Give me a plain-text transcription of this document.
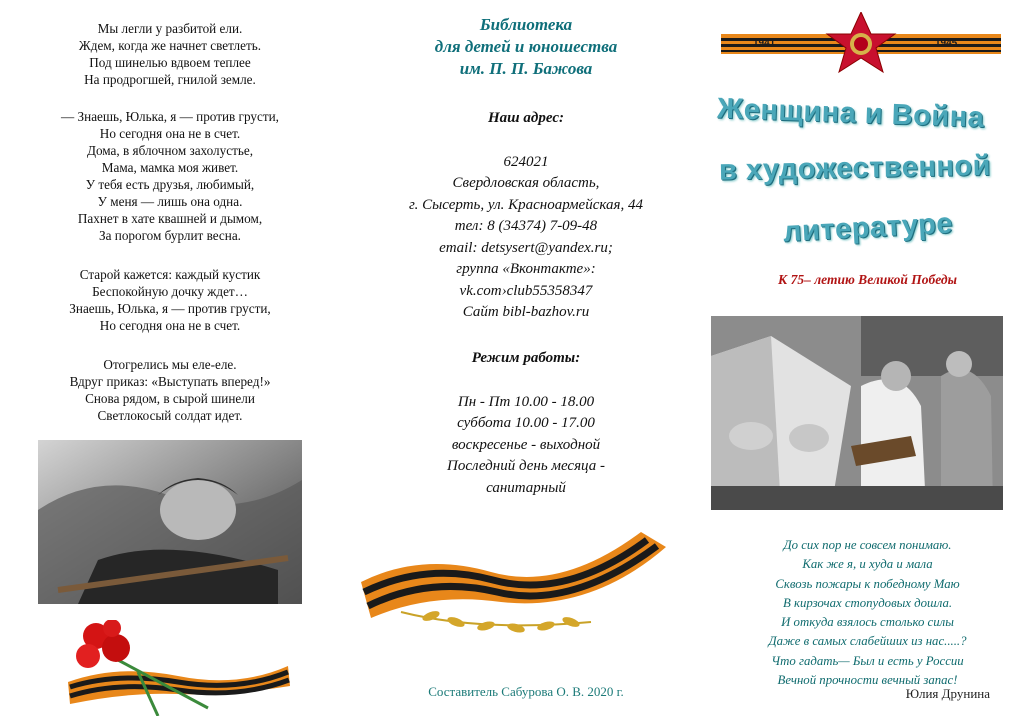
Мы легли у разбитой ели.
Ждем, когда же начнет светлеть.
Под шинелью вдвоем теплее
На продрогшей, гнилой земле.
— Знаешь, Юлька, я — против грусти,
Но сегодня она не в счет.
Дома, в яблочном захолустье,
Мама, мамка моя живет.
У тебя есть друзья, любимый,
У меня — лишь она одна.
Пахнет в хате квашней и дымом,
За порогом бурлит весна.
Старой кажется: каждый кустик
Беспокойную дочку ждет…
Знаешь, Юлька, я — против грусти,
Но сегодня она не в счет.
Отогрелись мы еле-еле.
Вдруг приказ: «Выступать вперед!»
Снова рядом, в сырой шинели
Светлокосый солдат идет.
Библиотека
для детей и юношества
им. П. П. Бажова
Наш адрес:
624021
Свердловская область,
г. Сысерть, ул. Красноармейская, 44
тел: 8 (34374) 7-09-48
email: detsysert@yandex.ru;
группа «Вконтакте»:
vk.com›club55358347
Сайт bibl-bazhov.ru
Режим работы:
Пн - Пт 10.00 - 18.00
суббота 10.00 - 17.00
воскресенье - выходной
Последний день месяца -
санитарный
Составитель Сабурова О. В. 2020 г.
1941	1945
Женщина и Война
в художественной
литературе
К 75– летию Великой Победы
До сих пор не совсем понимаю.
Как же я, и худа и мала
Сквозь пожары к победному Маю
В кирзочах стопудовых дошла.
И откуда взялось столько силы
Даже в самых слабейших из нас.....?
Что гадать— Был и есть у России
Вечной прочности вечный запас!
Юлия Друнина
